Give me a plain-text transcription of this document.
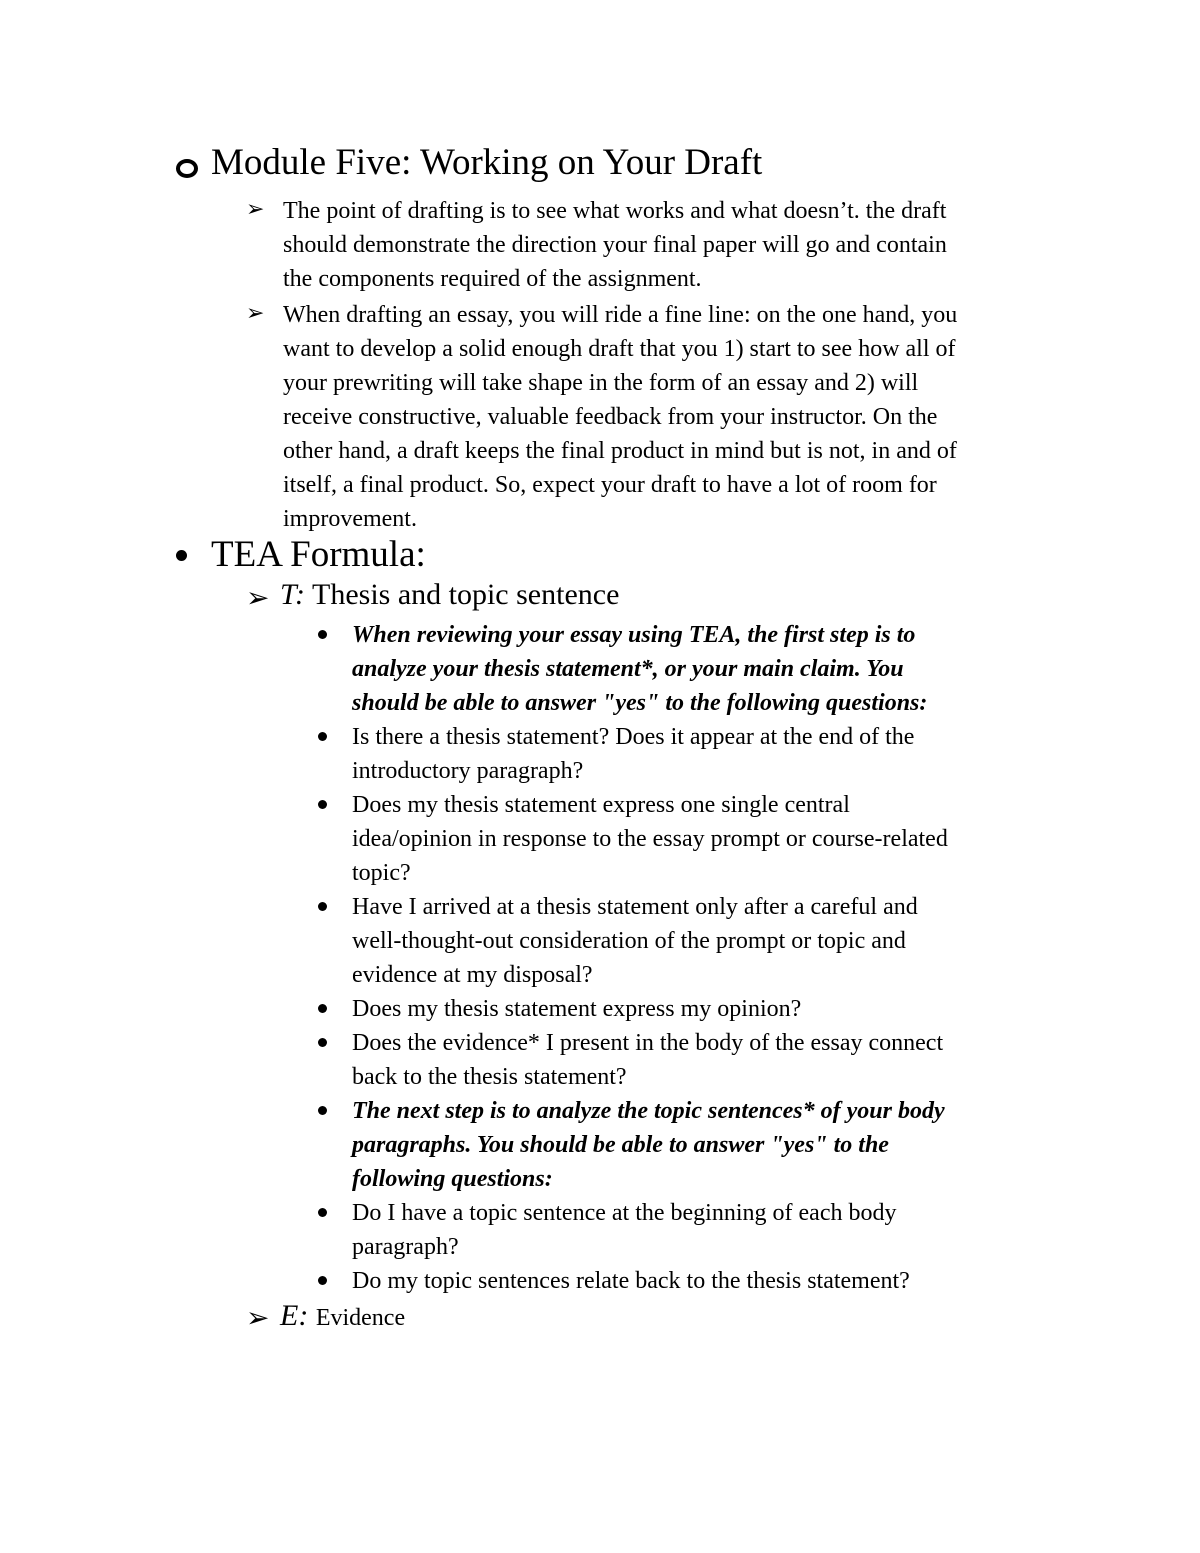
Module Five: Working on Your Draft
➢ The point of drafting is to see what works and what doesn’t. the draft
should demonstrate the direction your final paper will go and contain
the components required of the assignment.
➢ When drafting an essay, you will ride a fine line: on the one hand, you
want to develop a solid enough draft that you 1) start to see how all of
your prewriting will take shape in the form of an essay and 2) will
receive constructive, valuable feedback from your instructor. On the
other hand, a draft keeps the final product in mind but is not, in and of
itself, a final product. So, expect your draft to have a lot of room for
improvement.
TEA Formula:
➢ T: Thesis and topic sentence
When reviewing your essay using TEA, the first step is to
analyze your thesis statement*, or your main claim. You
should be able to answer "yes" to the following questions:
Is there a thesis statement? Does it appear at the end of the
introductory paragraph?
Does my thesis statement express one single central
idea/opinion in response to the essay prompt or course-related
topic?
Have I arrived at a thesis statement only after a careful and
well-thought-out consideration of the prompt or topic and
evidence at my disposal?
Does my thesis statement express my opinion?
Does the evidence* I present in the body of the essay connect
back to the thesis statement?
The next step is to analyze the topic sentences* of your body
paragraphs. You should be able to answer "yes" to the
following questions:
Do I have a topic sentence at the beginning of each body
paragraph?
Do my topic sentences relate back to the thesis statement?
➢ E: Evidence
